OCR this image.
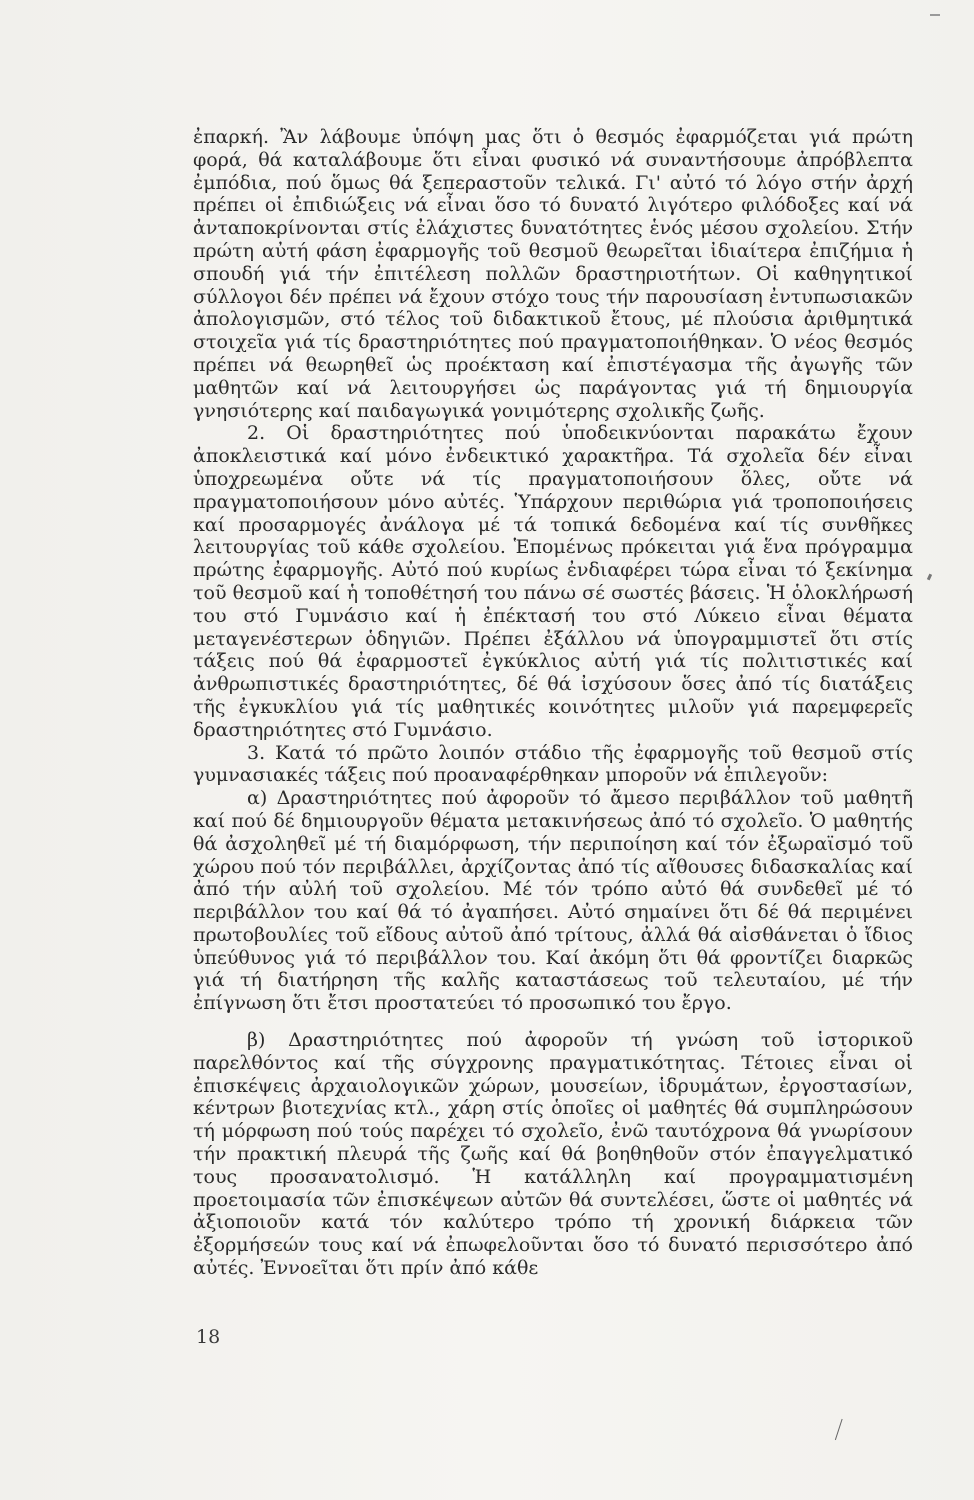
ἐπαρκή. Ἂν λάβουμε ὑπόψη μας ὅτι ὁ θεσμός ἐφαρμόζεται γιά πρώτη φορά, θά καταλάβουμε ὅτι εἶναι φυσικό νά συναντήσουμε ἀπρόβλεπτα ἐμπόδια, πού ὅμως θά ξεπεραστοῦν τελικά. Γι' αὐτό τό λόγο στήν ἀρχή πρέπει οἱ ἐπιδιώξεις νά εἶναι ὅσο τό δυνατό λιγότερο φιλόδοξες καί νά ἀνταποκρίνονται στίς ἐλάχιστες δυνατότητες ἑνός μέσου σχολείου. Στήν πρώτη αὐτή φάση ἐφαρμογῆς τοῦ θεσμοῦ θεωρεῖται ἰδιαίτερα ἐπιζήμια ἡ σπουδή γιά τήν ἐπιτέλεση πολλῶν δραστηριοτήτων. Οἱ καθηγητικοί σύλλογοι δέν πρέπει νά ἔχουν στόχο τους τήν παρουσίαση ἐντυπωσιακῶν ἀπολογισμῶν, στό τέλος τοῦ διδακτικοῦ ἔτους, μέ πλούσια ἀριθμητικά στοιχεῖα γιά τίς δραστηριότητες πού πραγματοποιήθηκαν. Ὁ νέος θεσμός πρέπει νά θεωρηθεῖ ὡς προέκταση καί ἐπιστέγασμα τῆς ἀγωγῆς τῶν μαθητῶν καί νά λειτουργήσει ὡς παράγοντας γιά τή δημιουργία γνησιότερης καί παιδαγωγικά γονιμότερης σχολικῆς ζωῆς.

2. Οἱ δραστηριότητες πού ὑποδεικνύονται παρακάτω ἔχουν ἀποκλειστικά καί μόνο ἐνδεικτικό χαρακτῆρα. Τά σχολεῖα δέν εἶναι ὑποχρεωμένα οὔτε νά τίς πραγματοποιήσουν ὅλες, οὔτε νά πραγματοποιήσουν μόνο αὐτές. Ὑπάρχουν περιθώρια γιά τροποποιήσεις καί προσαρμογές ἀνάλογα μέ τά τοπικά δεδομένα καί τίς συνθῆκες λειτουργίας τοῦ κάθε σχολείου. Ἑπομένως πρόκειται γιά ἕνα πρόγραμμα πρώτης ἐφαρμογῆς. Αὐτό πού κυρίως ἐνδιαφέρει τώρα εἶναι τό ξεκίνημα τοῦ θεσμοῦ καί ἡ τοποθέτησή του πάνω σέ σωστές βάσεις. Ἡ ὁλοκλήρωσή του στό Γυμνάσιο καί ἡ ἐπέκτασή του στό Λύκειο εἶναι θέματα μεταγενέστερων ὁδηγιῶν. Πρέπει ἐξάλλου νά ὑπογραμμιστεῖ ὅτι στίς τάξεις πού θά ἐφαρμοστεῖ ἐγκύκλιος αὐτή γιά τίς πολιτιστικές καί ἀνθρωπιστικές δραστηριότητες, δέ θά ἰσχύσουν ὅσες ἀπό τίς διατάξεις τῆς ἐγκυκλίου γιά τίς μαθητικές κοινότητες μιλοῦν γιά παρεμφερεῖς δραστηριότητες στό Γυμνάσιο.

3. Κατά τό πρῶτο λοιπόν στάδιο τῆς ἐφαρμογῆς τοῦ θεσμοῦ στίς γυμνασιακές τάξεις πού προαναφέρθηκαν μποροῦν νά ἐπιλεγοῦν:

α) Δραστηριότητες πού ἀφοροῦν τό ἄμεσο περιβάλλον τοῦ μαθητῆ καί πού δέ δημιουργοῦν θέματα μετακινήσεως ἀπό τό σχολεῖο. Ὁ μαθητής θά ἀσχοληθεῖ μέ τή διαμόρφωση, τήν περιποίηση καί τόν ἐξωραϊσμό τοῦ χώρου πού τόν περιβάλλει, ἀρχίζοντας ἀπό τίς αἴθουσες διδασκαλίας καί ἀπό τήν αὐλή τοῦ σχολείου. Μέ τόν τρόπο αὐτό θά συνδεθεῖ μέ τό περιβάλλον του καί θά τό ἀγαπήσει. Αὐτό σημαίνει ὅτι δέ θά περιμένει πρωτοβουλίες τοῦ εἴδους αὐτοῦ ἀπό τρίτους, ἀλλά θά αἰσθάνεται ὁ ἴδιος ὑπεύθυνος γιά τό περιβάλλον του. Καί ἀκόμη ὅτι θά φροντίζει διαρκῶς γιά τή διατήρηση τῆς καλῆς καταστάσεως τοῦ τελευταίου, μέ τήν ἐπίγνωση ὅτι ἔτσι προστατεύει τό προσωπικό του ἔργο.

β) Δραστηριότητες πού ἀφοροῦν τή γνώση τοῦ ἱστορικοῦ παρελθόντος καί τῆς σύγχρονης πραγματικότητας. Τέτοιες εἶναι οἱ ἐπισκέψεις ἀρχαιολογικῶν χώρων, μουσείων, ἱδρυμάτων, ἐργοστασίων, κέντρων βιοτεχνίας κτλ., χάρη στίς ὁποῖες οἱ μαθητές θά συμπληρώσουν τή μόρφωση πού τούς παρέχει τό σχολεῖο, ἐνῶ ταυτόχρονα θά γνωρίσουν τήν πρακτική πλευρά τῆς ζωῆς καί θά βοηθηθοῦν στόν ἐπαγγελματικό τους προσανατολισμό. Ἡ κατάλληλη καί προγραμματισμένη προετοιμασία τῶν ἐπισκέψεων αὐτῶν θά συντελέσει, ὥστε οἱ μαθητές νά ἀξιοποιοῦν κατά τόν καλύτερο τρόπο τή χρονική διάρκεια τῶν ἐξορμήσεών τους καί νά ἐπωφελοῦνται ὅσο τό δυνατό περισσότερο ἀπό αὐτές. Ἐννοεῖται ὅτι πρίν ἀπό κάθε

18
